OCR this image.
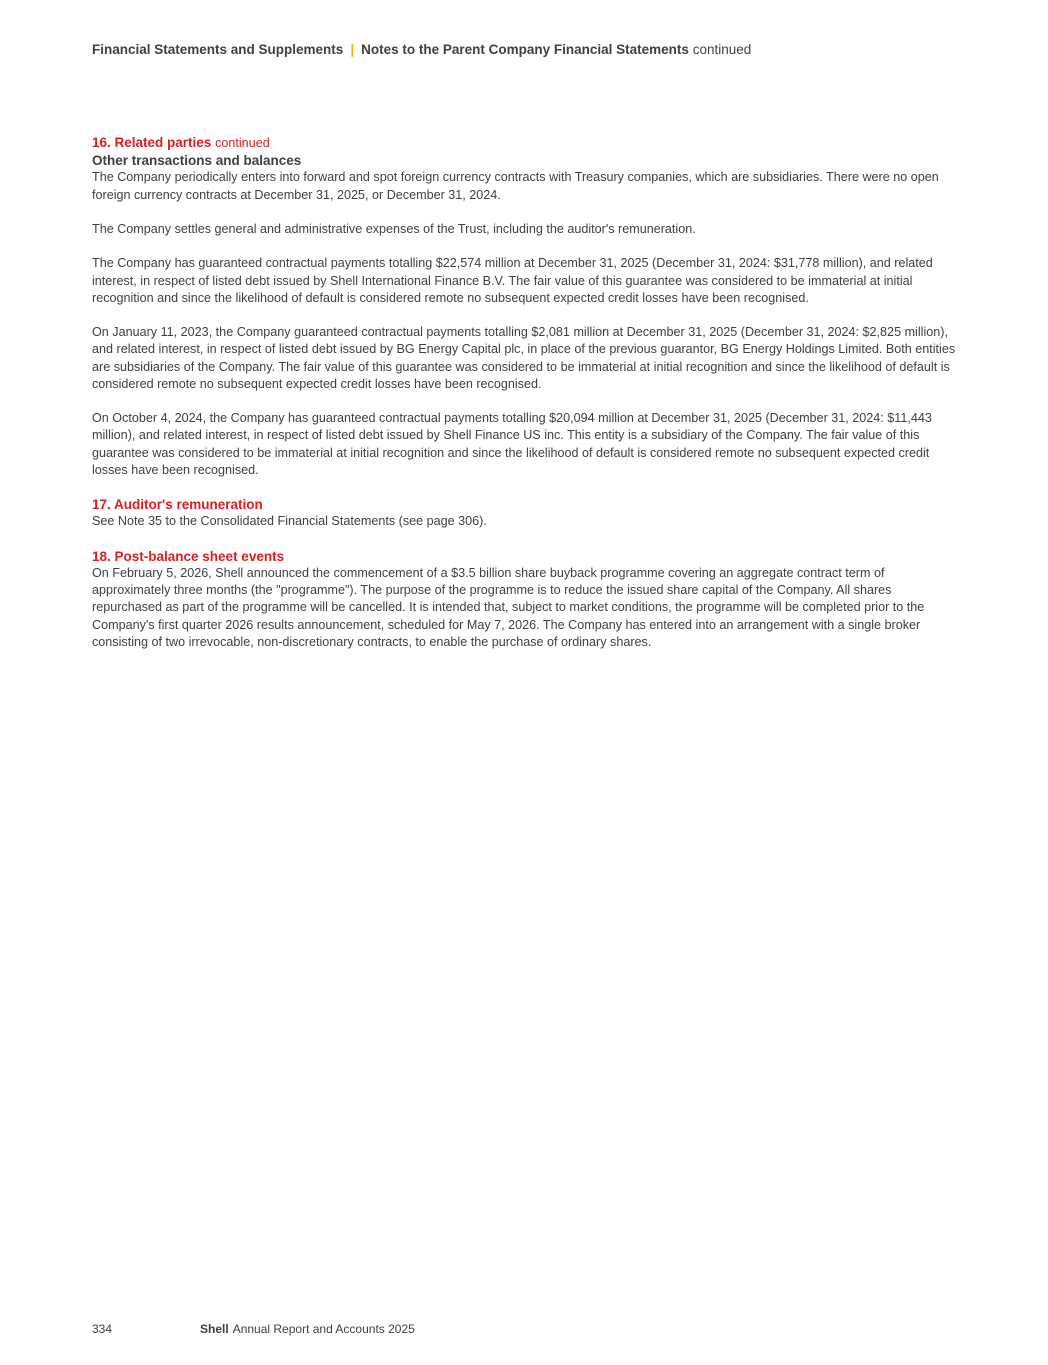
Financial Statements and Supplements | Notes to the Parent Company Financial Statements continued
16. Related parties continued
Other transactions and balances

The Company periodically enters into forward and spot foreign currency contracts with Treasury companies, which are subsidiaries. There were no open foreign currency contracts at December 31, 2025, or December 31, 2024.

The Company settles general and administrative expenses of the Trust, including the auditor's remuneration.

The Company has guaranteed contractual payments totalling $22,574 million at December 31, 2025 (December 31, 2024: $31,778 million), and related interest, in respect of listed debt issued by Shell International Finance B.V. The fair value of this guarantee was considered to be immaterial at initial recognition and since the likelihood of default is considered remote no subsequent expected credit losses have been recognised.

On January 11, 2023, the Company guaranteed contractual payments totalling $2,081 million at December 31, 2025 (December 31, 2024: $2,825 million), and related interest, in respect of listed debt issued by BG Energy Capital plc, in place of the previous guarantor, BG Energy Holdings Limited. Both entities are subsidiaries of the Company. The fair value of this guarantee was considered to be immaterial at initial recognition and since the likelihood of default is considered remote no subsequent expected credit losses have been recognised.

On October 4, 2024, the Company has guaranteed contractual payments totalling $20,094 million at December 31, 2025 (December 31, 2024: $11,443 million), and related interest, in respect of listed debt issued by Shell Finance US inc. This entity is a subsidiary of the Company. The fair value of this guarantee was considered to be immaterial at initial recognition and since the likelihood of default is considered remote no subsequent expected credit losses have been recognised.

17. Auditor's remuneration

See Note 35 to the Consolidated Financial Statements (see page 306).

18. Post-balance sheet events

On February 5, 2026, Shell announced the commencement of a $3.5 billion share buyback programme covering an aggregate contract term of approximately three months (the "programme"). The purpose of the programme is to reduce the issued share capital of the Company. All shares repurchased as part of the programme will be cancelled. It is intended that, subject to market conditions, the programme will be completed prior to the Company's first quarter 2026 results announcement, scheduled for May 7, 2026. The Company has entered into an arrangement with a single broker consisting of two irrevocable, non-discretionary contracts, to enable the purchase of ordinary shares.

334	Shell Annual Report and Accounts 2025
